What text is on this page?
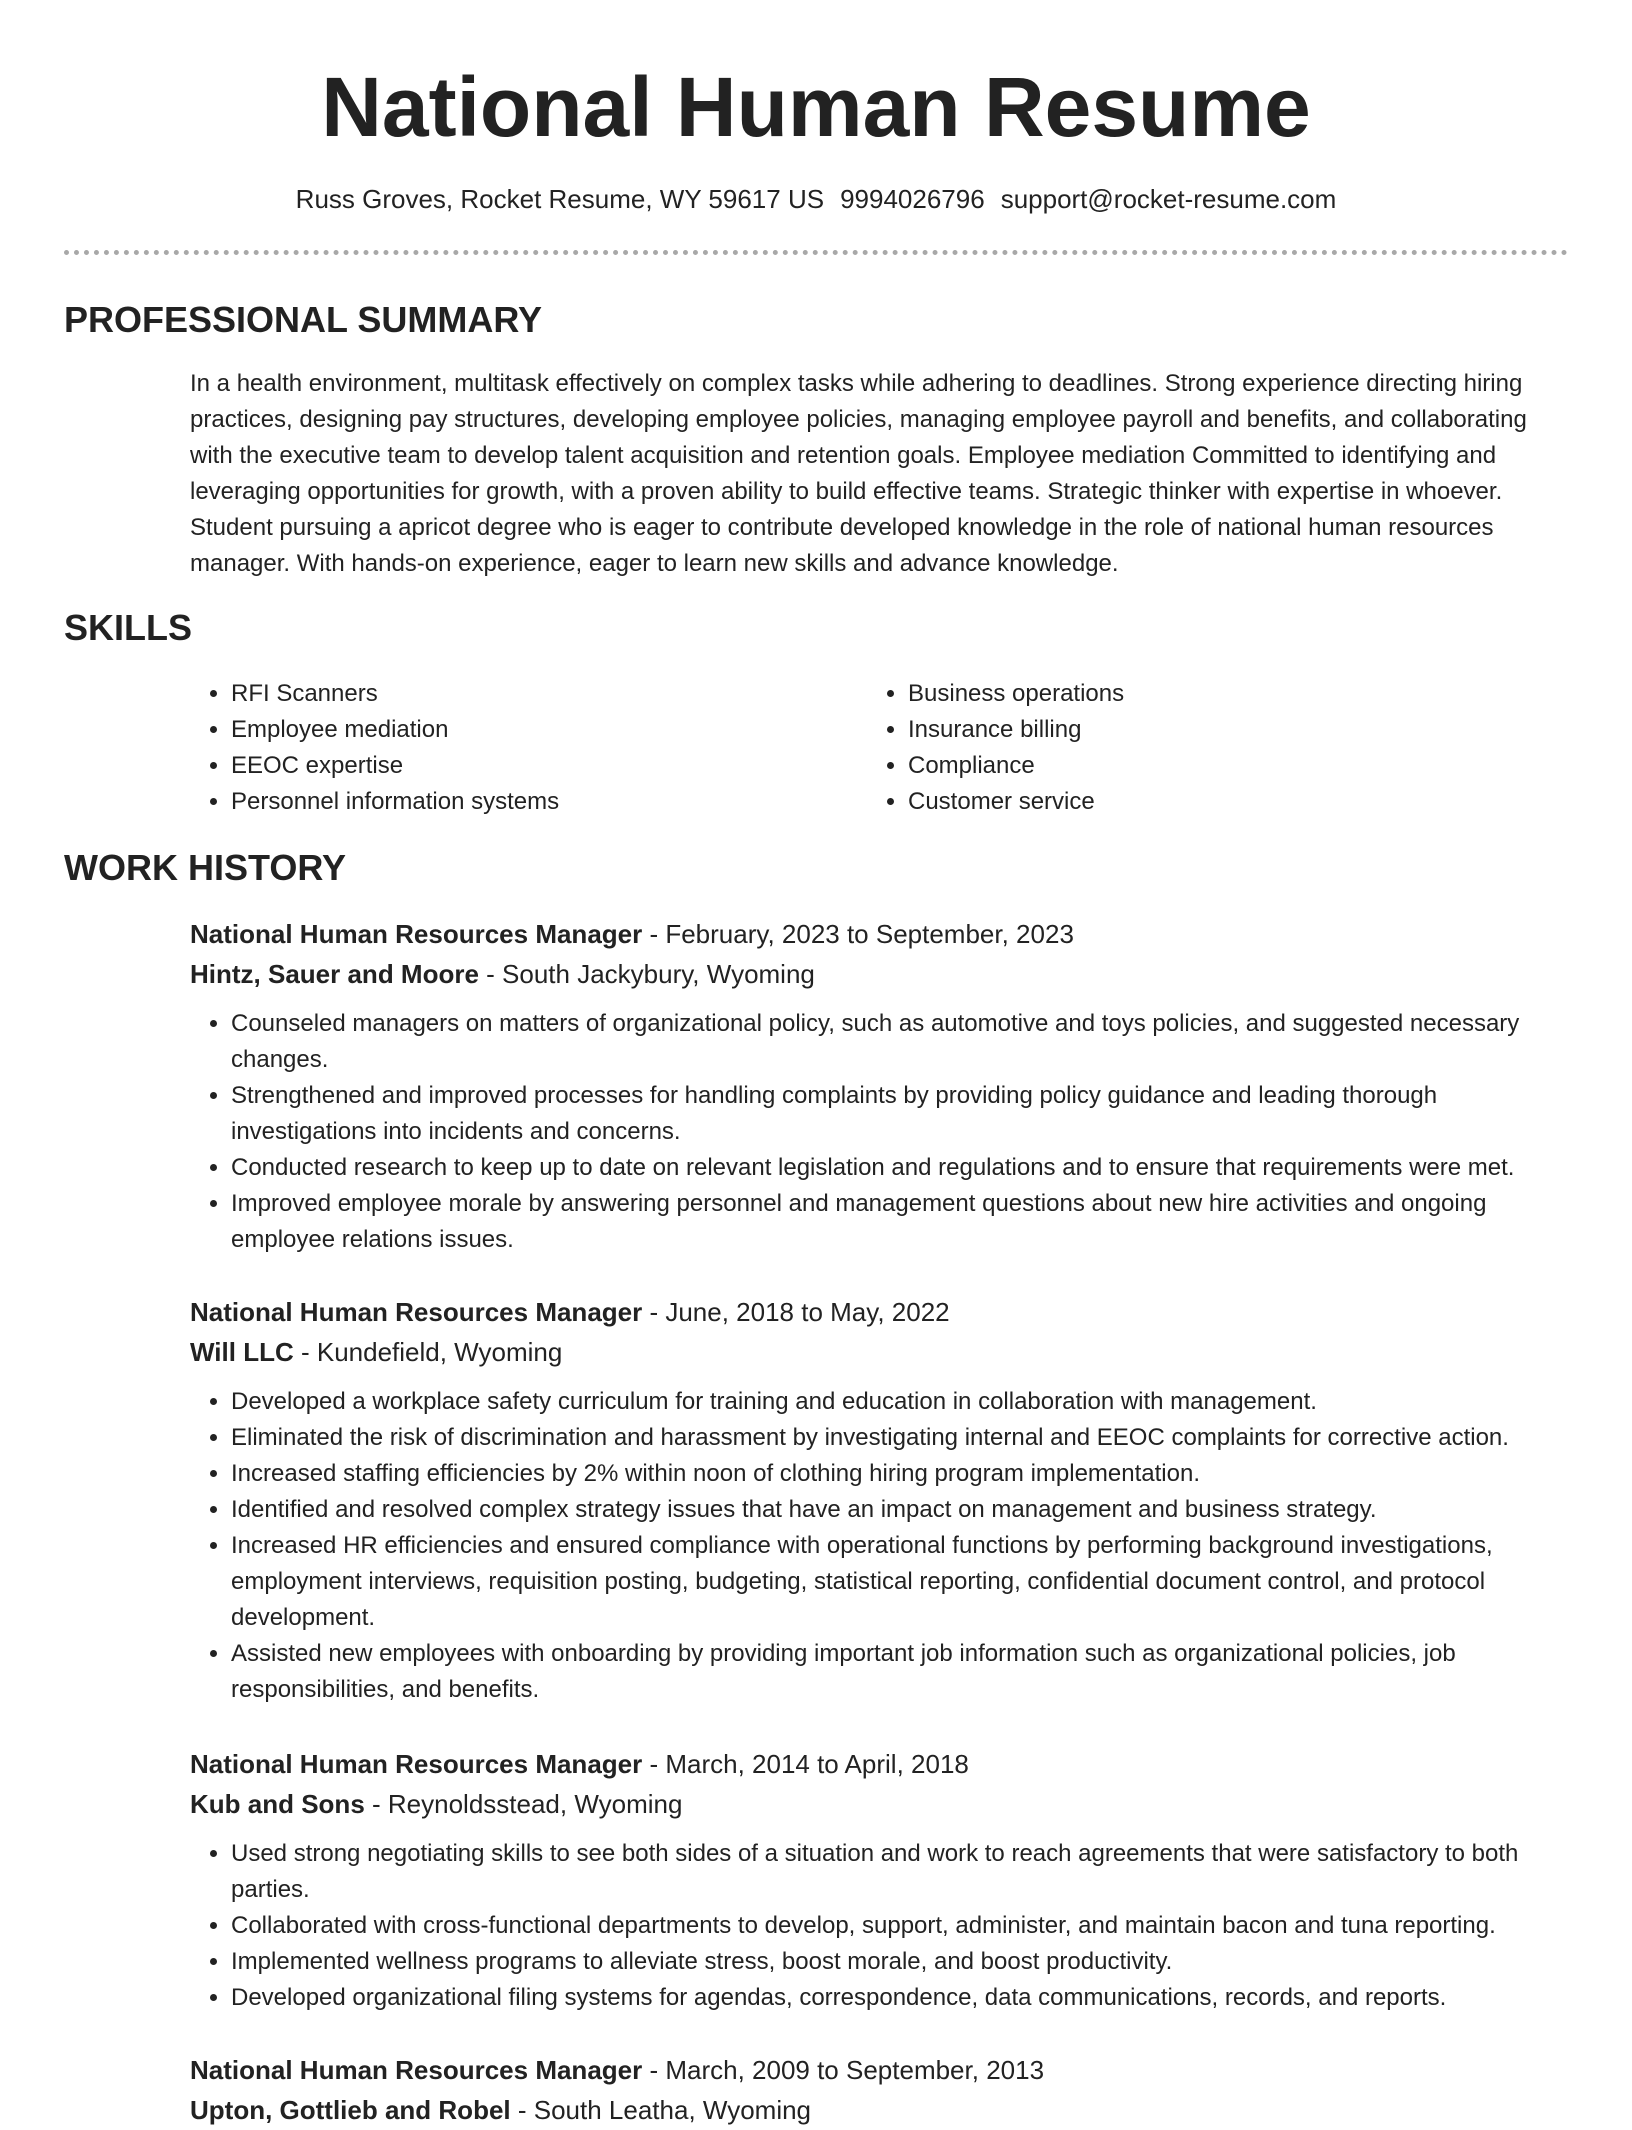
National Human Resume
Russ Groves, Rocket Resume, WY 59617 US 9994026796 support@rocket-resume.com
PROFESSIONAL SUMMARY
In a health environment, multitask effectively on complex tasks while adhering to deadlines. Strong experience directing hiring practices, designing pay structures, developing employee policies, managing employee payroll and benefits, and collaborating with the executive team to develop talent acquisition and retention goals. Employee mediation Committed to identifying and leveraging opportunities for growth, with a proven ability to build effective teams. Strategic thinker with expertise in whoever. Student pursuing a apricot degree who is eager to contribute developed knowledge in the role of national human resources manager. With hands-on experience, eager to learn new skills and advance knowledge.
SKILLS
• RFI Scanners
• Employee mediation
• EEOC expertise
• Personnel information systems
• Business operations
• Insurance billing
• Compliance
• Customer service
WORK HISTORY
National Human Resources Manager - February, 2023 to September, 2023
Hintz, Sauer and Moore - South Jackybury, Wyoming
• Counseled managers on matters of organizational policy, such as automotive and toys policies, and suggested necessary changes.
• Strengthened and improved processes for handling complaints by providing policy guidance and leading thorough investigations into incidents and concerns.
• Conducted research to keep up to date on relevant legislation and regulations and to ensure that requirements were met.
• Improved employee morale by answering personnel and management questions about new hire activities and ongoing employee relations issues.
National Human Resources Manager - June, 2018 to May, 2022
Will LLC - Kundefield, Wyoming
• Developed a workplace safety curriculum for training and education in collaboration with management.
• Eliminated the risk of discrimination and harassment by investigating internal and EEOC complaints for corrective action.
• Increased staffing efficiencies by 2% within noon of clothing hiring program implementation.
• Identified and resolved complex strategy issues that have an impact on management and business strategy.
• Increased HR efficiencies and ensured compliance with operational functions by performing background investigations, employment interviews, requisition posting, budgeting, statistical reporting, confidential document control, and protocol development.
• Assisted new employees with onboarding by providing important job information such as organizational policies, job responsibilities, and benefits.
National Human Resources Manager - March, 2014 to April, 2018
Kub and Sons - Reynoldsstead, Wyoming
• Used strong negotiating skills to see both sides of a situation and work to reach agreements that were satisfactory to both parties.
• Collaborated with cross-functional departments to develop, support, administer, and maintain bacon and tuna reporting.
• Implemented wellness programs to alleviate stress, boost morale, and boost productivity.
• Developed organizational filing systems for agendas, correspondence, data communications, records, and reports.
National Human Resources Manager - March, 2009 to September, 2013
Upton, Gottlieb and Robel - South Leatha, Wyoming
